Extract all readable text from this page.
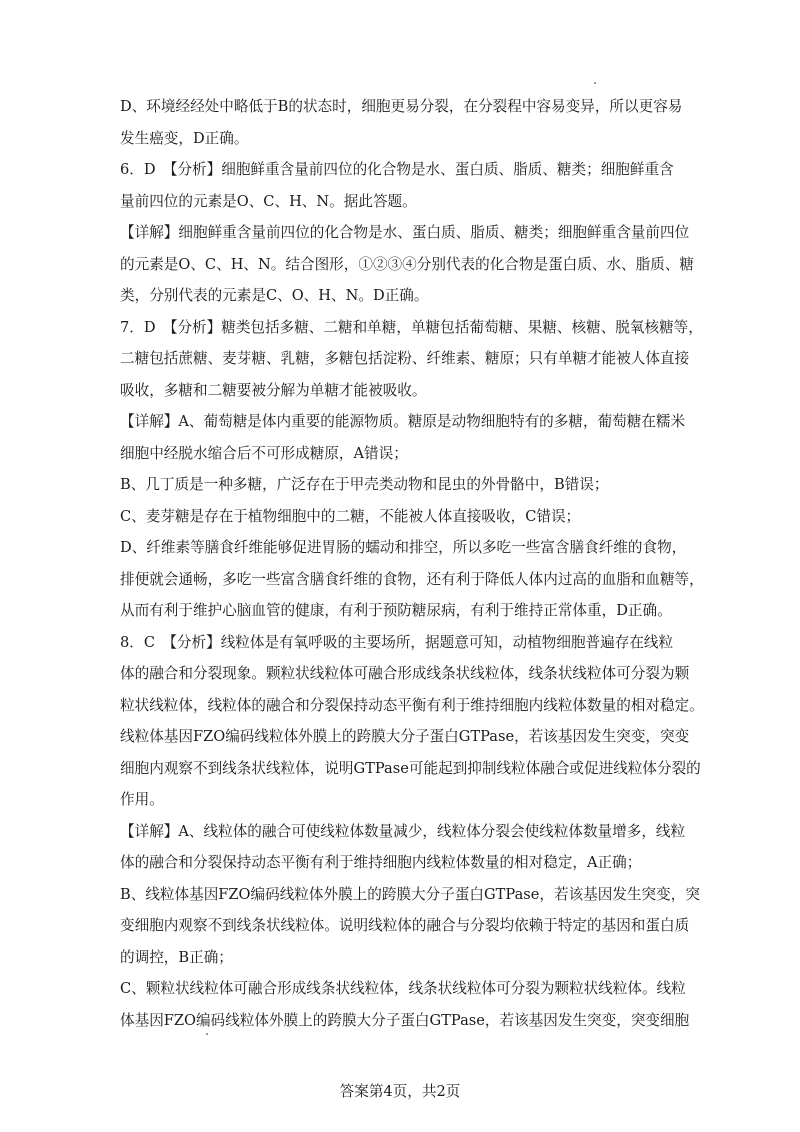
D、环境经经处中略低于B的状态时，细胞更易分裂，在分裂程中容易变异，所以更容易

发生癌变，D正确。

6．D　【分析】细胞鲜重含量前四位的化合物是水、蛋白质、脂质、糖类；细胞鲜重含

量前四位的元素是O、C、H、N。据此答题。

【详解】细胞鲜重含量前四位的化合物是水、蛋白质、脂质、糖类；细胞鲜重含量前四位

的元素是O、C、H、N。结合图形，①②③④分别代表的化合物是蛋白质、水、脂质、糖

类，分别代表的元素是C、O、H、N。D正确。

7．D　【分析】糖类包括多糖、二糖和单糖，单糖包括葡萄糖、果糖、核糖、脱氧核糖等，

二糖包括蔗糖、麦芽糖、乳糖，多糖包括淀粉、纤维素、糖原；只有单糖才能被人体直接

吸收，多糖和二糖要被分解为单糖才能被吸收。

【详解】A、葡萄糖是体内重要的能源物质。糖原是动物细胞特有的多糖，葡萄糖在糯米

细胞中经脱水缩合后不可形成糖原，A错误；

B、几丁质是一种多糖，广泛存在于甲壳类动物和昆虫的外骨骼中，B错误；

C、麦芽糖是存在于植物细胞中的二糖，不能被人体直接吸收，C错误；

D、纤维素等膳食纤维能够促进胃肠的蠕动和排空，所以多吃一些富含膳食纤维的食物，

排便就会通畅，多吃一些富含膳食纤维的食物，还有利于降低人体内过高的血脂和血糖等，

从而有利于维护心脑血管的健康，有利于预防糖尿病，有利于维持正常体重，D正确。

8．C　【分析】线粒体是有氧呼吸的主要场所，据题意可知，动植物细胞普遍存在线粒

体的融合和分裂现象。颗粒状线粒体可融合形成线条状线粒体，线条状线粒体可分裂为颗

粒状线粒体，线粒体的融合和分裂保持动态平衡有利于维持细胞内线粒体数量的相对稳定。

线粒体基因FZO编码线粒体外膜上的跨膜大分子蛋白GTPase，若该基因发生突变，突变

细胞内观察不到线条状线粒体，说明GTPase可能起到抑制线粒体融合或促进线粒体分裂的

作用。

【详解】A、线粒体的融合可使线粒体数量减少，线粒体分裂会使线粒体数量增多，线粒

体的融合和分裂保持动态平衡有利于维持细胞内线粒体数量的相对稳定，A正确；

B、线粒体基因FZO编码线粒体外膜上的跨膜大分子蛋白GTPase，若该基因发生突变，突

变细胞内观察不到线条状线粒体。说明线粒体的融合与分裂均依赖于特定的基因和蛋白质

的调控，B正确；

C、颗粒状线粒体可融合形成线条状线粒体，线条状线粒体可分裂为颗粒状线粒体。线粒

体基因FZO编码线粒体外膜上的跨膜大分子蛋白GTPase，若该基因发生突变，突变细胞

答案第4页，共2页
